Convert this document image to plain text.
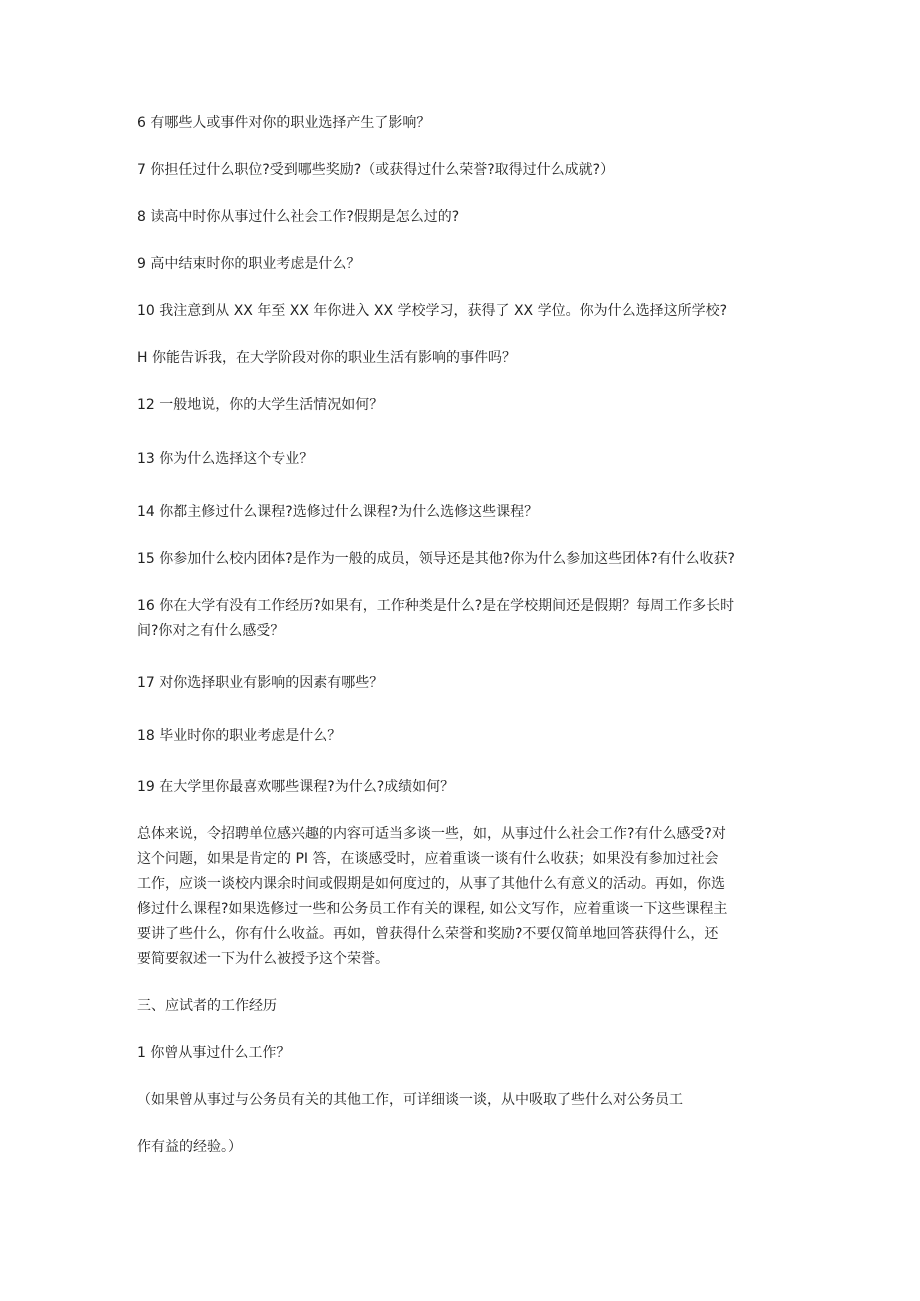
6 有哪些人或事件对你的职业选择产生了影响？

7 你担任过什么职位?受到哪些奖励?（或获得过什么荣誉?取得过什么成就?）

8 读高中时你从事过什么社会工作?假期是怎么过的?

9 高中结束时你的职业考虑是什么？

10 我注意到从 XX 年至 XX 年你进入 XX 学校学习，获得了 XX 学位。你为什么选择这所学校?

H 你能告诉我，在大学阶段对你的职业生活有影响的事件吗？

12 一般地说，你的大学生活情况如何？

13 你为什么选择这个专业？

14 你都主修过什么课程?选修过什么课程?为什么选修这些课程？

15 你参加什么校内团体?是作为一般的成员，领导还是其他?你为什么参加这些团体?有什么收获?

16 你在大学有没有工作经历?如果有，工作种类是什么?是在学校期间还是假期？每周工作多长时

间?你对之有什么感受？

17 对你选择职业有影响的因素有哪些？

18 毕业时你的职业考虑是什么？

19 在大学里你最喜欢哪些课程?为什么?成绩如何？

总体来说，令招聘单位感兴趣的内容可适当多谈一些，如，从事过什么社会工作?有什么感受?对

这个问题，如果是肯定的 PI 答，在谈感受时，应着重谈一谈有什么收获；如果没有参加过社会

工作，应谈一谈校内课余时间或假期是如何度过的，从事了其他什么有意义的活动。再如，你选

修过什么课程?如果选修过一些和公务员工作有关的课程, 如公文写作，应着重谈一下这些课程主

要讲了些什么，你有什么收益。再如，曾获得什么荣誉和奖励?不要仅简单地回答获得什么，还

要简要叙述一下为什么被授予这个荣誉。

三、应试者的工作经历

1 你曾从事过什么工作？

（如果曾从事过与公务员有关的其他工作，可详细谈一谈，从中吸取了些什么对公务员工

作有益的经验。）
